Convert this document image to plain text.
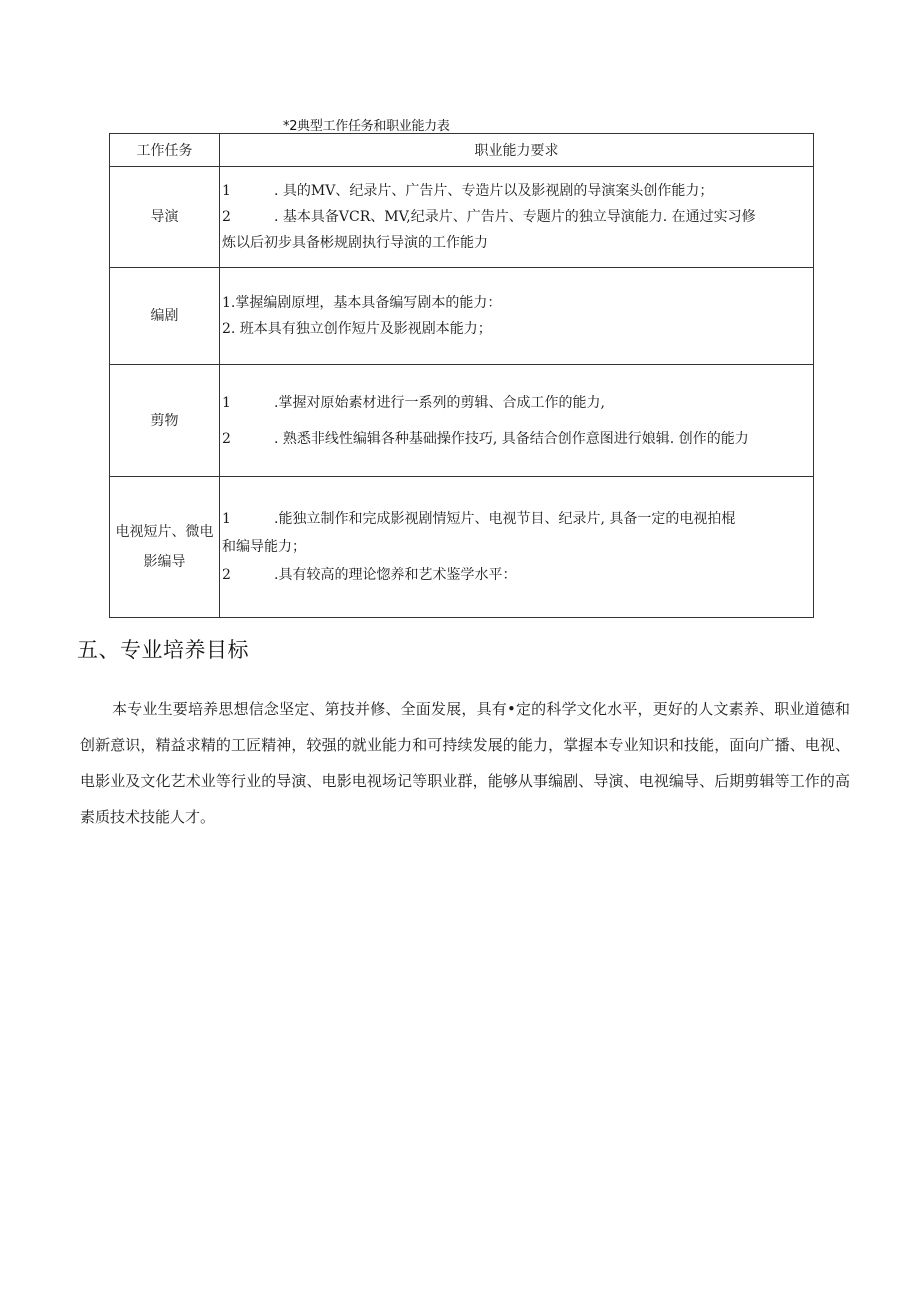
*2典型工作任务和职业能力表
工作任务	职业能力要求
导演	1 . 具的MV、纪录片、广告片、专造片以及影视剧的导演案头创作能力；
2 . 基本具备VCR、MV,纪录片、广告片、专题片的独立导演能力. 在通过实习修
炼以后初步具备彬规剧执行导演的工作能力

编剧	1.掌握编剧原埋，基本具备编写剧本的能力：
2. 班本具有独立创作短片及影视剧本能力；

剪物	1 .掌握对原始素材进行一系列的剪辑、合成工作的能力,
2 . 熟悉非线性编辑各种基础操作技巧, 具备结合创作意图进行娘辑. 创作的能力

电视短片、微电影编导	1 .能独立制作和完成影视剧情短片、电视节目、纪录片, 具备一定的电视拍棍
和编导能力；
2 .具有较高的理论惚养和艺术鉴学水平：
五、专业培养目标

本专业生要培养思想信念坚定、第技并修、全面发展，具有•定的科学文化水平，更好的人文素养、职业道德和创新意识，精益求精的工匠精神，较强的就业能力和可持续发展的能力，掌握本专业知识和技能，面向广播、电视、电影业及文化艺术业等行业的导演、电影电视场记等职业群，能够从事编剧、导演、电视编导、后期剪辑等工作的高素质技术技能人才。
